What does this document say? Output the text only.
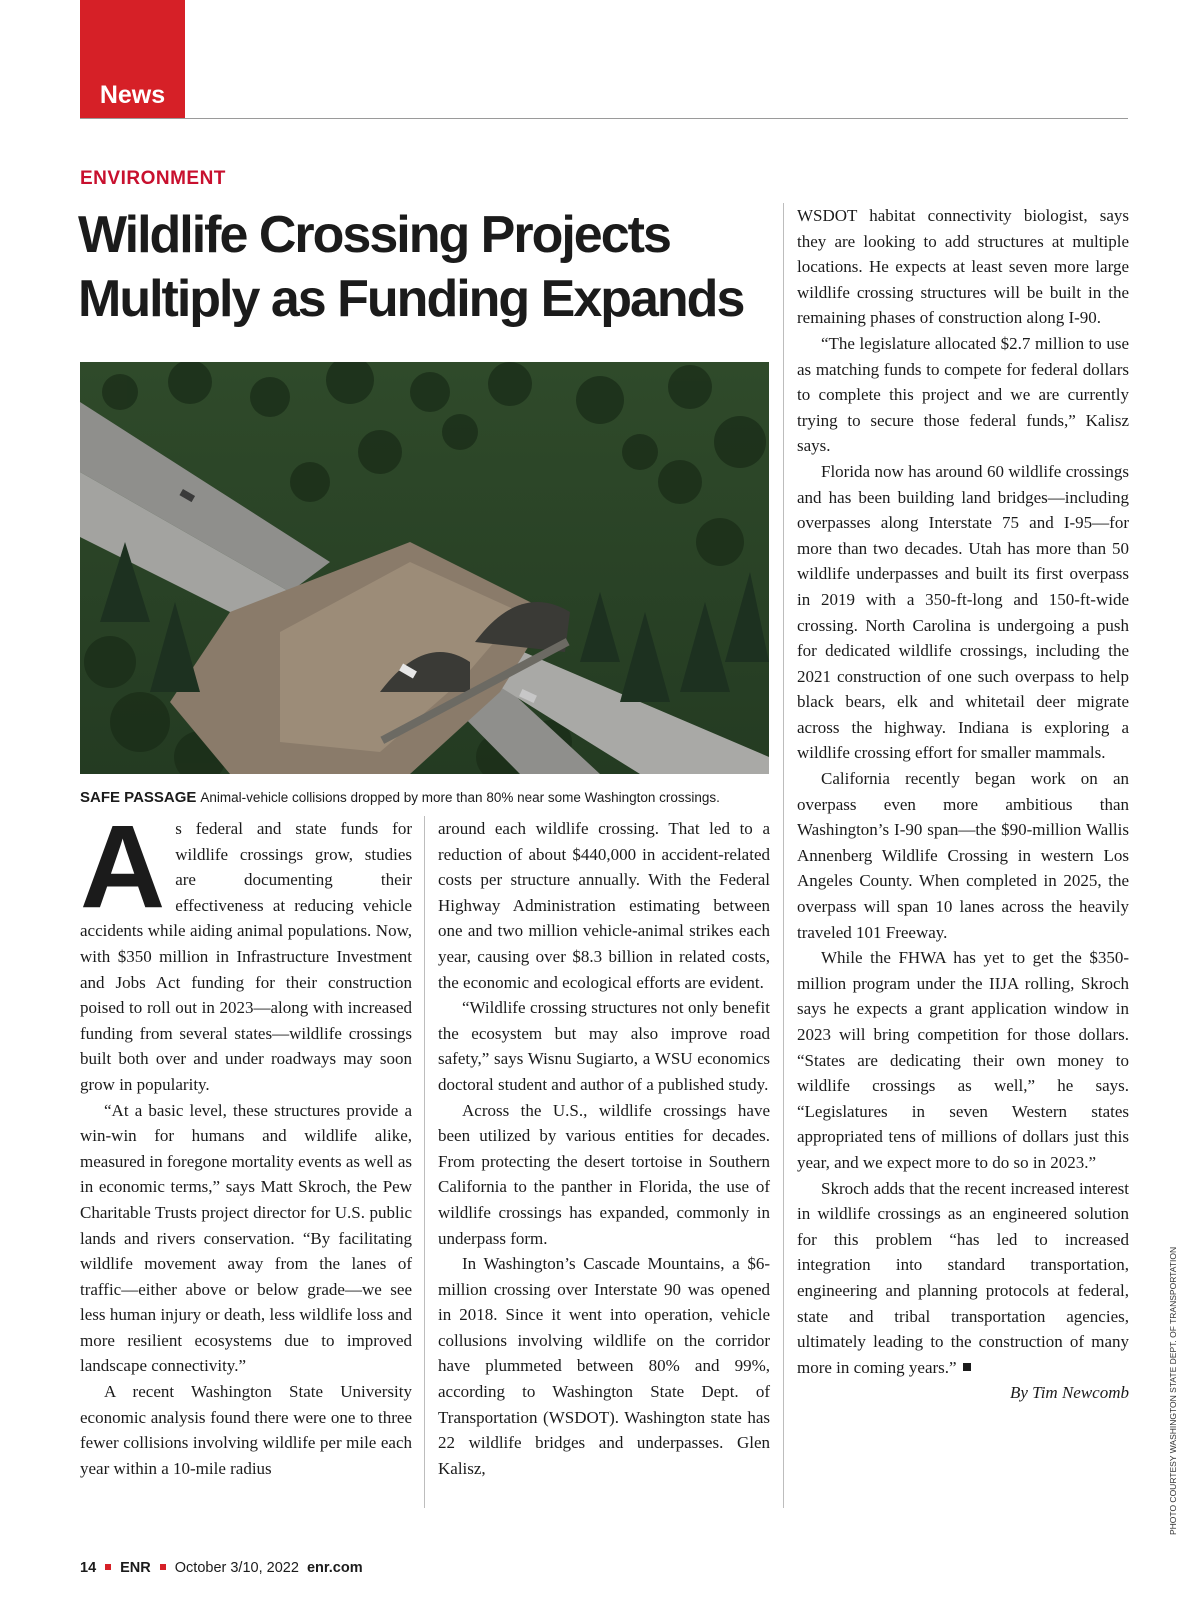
News
ENVIRONMENT
Wildlife Crossing Projects
Multiply as Funding Expands
SAFE PASSAGE Animal-vehicle collisions dropped by more than 80% near some Washington crossings.

As federal and state funds for wildlife crossings grow, studies are documenting their effectiveness at reducing vehicle accidents while aiding animal populations. Now, with $350 million in Infrastructure Investment and Jobs Act funding for their construction poised to roll out in 2023—along with increased funding from several states—wildlife crossings built both over and under roadways may soon grow in popularity.

“At a basic level, these structures provide a win-win for humans and wildlife alike, measured in foregone mortality events as well as in economic terms,” says Matt Skroch, the Pew Charitable Trusts project director for U.S. public lands and rivers conservation. “By facilitating wildlife movement away from the lanes of traffic—either above or below grade—we see less human injury or death, less wildlife loss and more resilient ecosystems due to improved landscape connectivity.”

A recent Washington State University economic analysis found there were one to three fewer collisions involving wildlife per mile each year within a 10-mile radius

around each wildlife crossing. That led to a reduction of about $440,000 in accident-related costs per structure annually. With the Federal Highway Administration estimating between one and two million vehicle-animal strikes each year, causing over $8.3 billion in related costs, the economic and ecological efforts are evident.

“Wildlife crossing structures not only benefit the ecosystem but may also improve road safety,” says Wisnu Sugiarto, a WSU economics doctoral student and author of a published study.

Across the U.S., wildlife crossings have been utilized by various entities for decades. From protecting the desert tortoise in Southern California to the panther in Florida, the use of wildlife crossings has expanded, commonly in underpass form.

In Washington’s Cascade Mountains, a $6-million crossing over Interstate 90 was opened in 2018. Since it went into operation, vehicle collusions involving wildlife on the corridor have plummeted between 80% and 99%, according to Washington State Dept. of Transportation (WSDOT). Washington state has 22 wildlife bridges and underpasses. Glen Kalisz,

WSDOT habitat connectivity biologist, says they are looking to add structures at multiple locations. He expects at least seven more large wildlife crossing structures will be built in the remaining phases of construction along I-90.

“The legislature allocated $2.7 million to use as matching funds to compete for federal dollars to complete this project and we are currently trying to secure those federal funds,” Kalisz says.

Florida now has around 60 wildlife crossings and has been building land bridges—including overpasses along Interstate 75 and I-95—for more than two decades. Utah has more than 50 wildlife underpasses and built its first overpass in 2019 with a 350-ft-long and 150-ft-wide crossing. North Carolina is undergoing a push for dedicated wildlife crossings, including the 2021 construction of one such overpass to help black bears, elk and whitetail deer migrate across the highway. Indiana is exploring a wildlife crossing effort for smaller mammals.

California recently began work on an overpass even more ambitious than Washington’s I-90 span—the $90-million Wallis Annenberg Wildlife Crossing in western Los Angeles County. When completed in 2025, the overpass will span 10 lanes across the heavily traveled 101 Freeway.

While the FHWA has yet to get the $350-million program under the IIJA rolling, Skroch says he expects a grant application window in 2023 will bring competition for those dollars. “States are dedicating their own money to wildlife crossings as well,” he says. “Legislatures in seven Western states appropriated tens of millions of dollars just this year, and we expect more to do so in 2023.”

Skroch adds that the recent increased interest in wildlife crossings as an engineered solution for this problem “has led to increased integration into standard transportation, engineering and planning protocols at federal, state and tribal transportation agencies, ultimately leading to the construction of many more in coming years.”

By Tim Newcomb	PHOTO COURTESY WASHINGTON STATE DEPT. OF TRANSPORTATION
14 ENR October 3/10, 2022 enr.com
